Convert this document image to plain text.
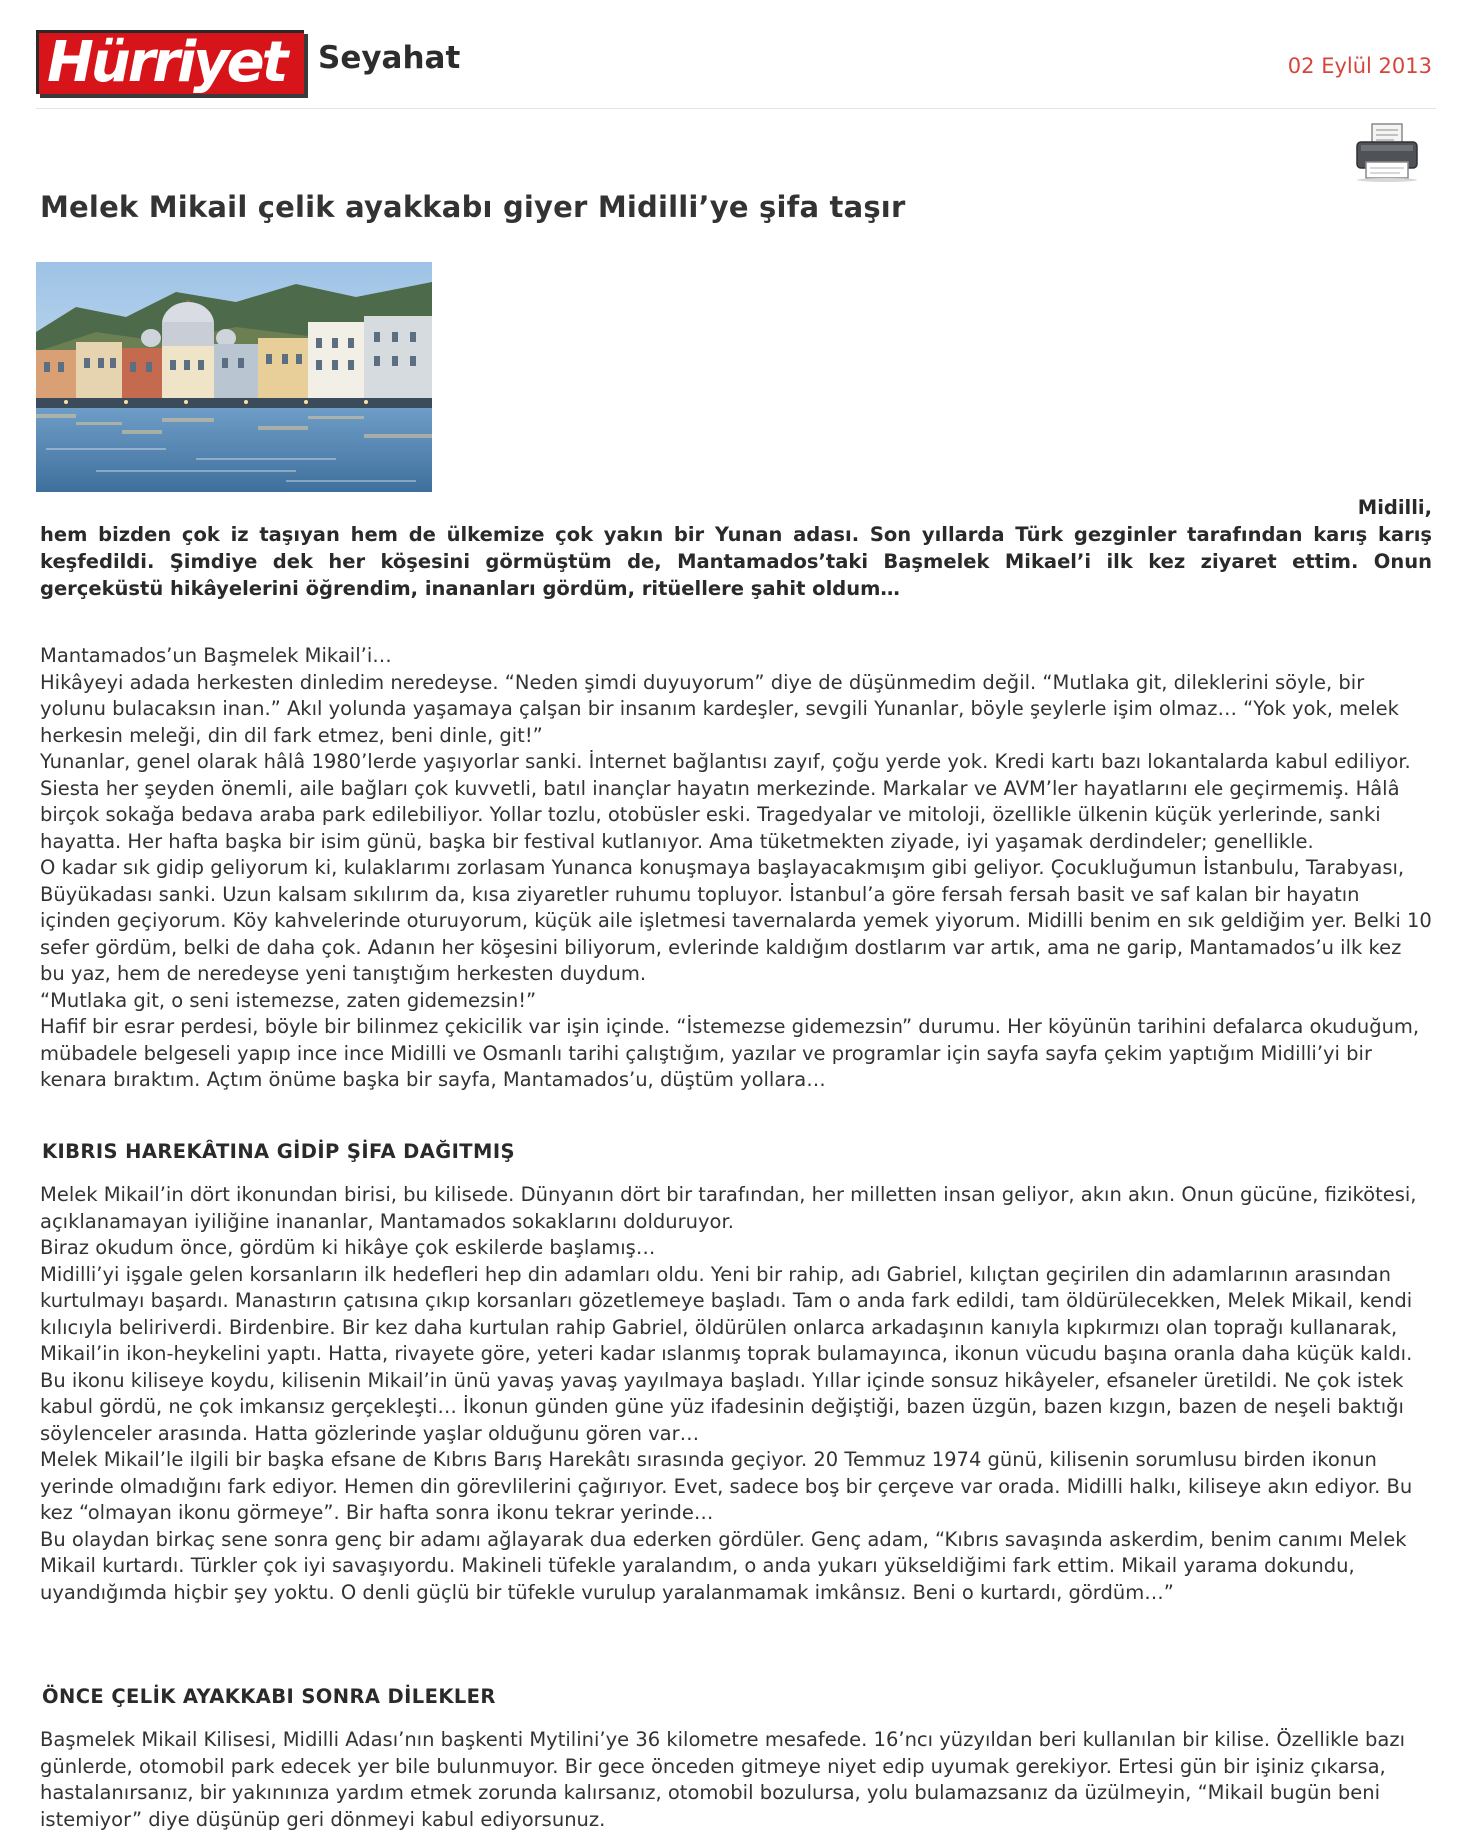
Hürriyet Seyahat	02 Eylül 2013
Melek Mikail çelik ayakkabı giyer Midilli’ye şifa taşır
Midilli,
hem bizden çok iz taşıyan hem de ülkemize çok yakın bir Yunan adası. Son yıllarda Türk gezginler tarafından karış karış keşfedildi. Şimdiye dek her köşesini görmüştüm de, Mantamados’taki Başmelek Mikael’i ilk kez ziyaret ettim. Onun gerçeküstü hikâyelerini öğrendim, inananları gördüm, ritüellere şahit oldum…

Mantamados’un Başmelek Mikail’i…

Hikâyeyi adada herkesten dinledim neredeyse. “Neden şimdi duyuyorum” diye de düşünmedim değil. “Mutlaka git, dileklerini söyle, bir yolunu bulacaksın inan.” Akıl yolunda yaşamaya çalşan bir insanım kardeşler, sevgili Yunanlar, böyle şeylerle işim olmaz… “Yok yok, melek herkesin meleği, din dil fark etmez, beni dinle, git!”

Yunanlar, genel olarak hâlâ 1980’lerde yaşıyorlar sanki. İnternet bağlantısı zayıf, çoğu yerde yok. Kredi kartı bazı lokantalarda kabul ediliyor. Siesta her şeyden önemli, aile bağları çok kuvvetli, batıl inançlar hayatın merkezinde. Markalar ve AVM’ler hayatlarını ele geçirmemiş. Hâlâ birçok sokağa bedava araba park edilebiliyor. Yollar tozlu, otobüsler eski. Tragedyalar ve mitoloji, özellikle ülkenin küçük yerlerinde, sanki hayatta. Her hafta başka bir isim günü, başka bir festival kutlanıyor. Ama tüketmekten ziyade, iyi yaşamak derdindeler; genellikle.

O kadar sık gidip geliyorum ki, kulaklarımı zorlasam Yunanca konuşmaya başlayacakmışım gibi geliyor. Çocukluğumun İstanbulu, Tarabyası, Büyükadası sanki. Uzun kalsam sıkılırım da, kısa ziyaretler ruhumu topluyor. İstanbul’a göre fersah fersah basit ve saf kalan bir hayatın içinden geçiyorum. Köy kahvelerinde oturuyorum, küçük aile işletmesi tavernalarda yemek yiyorum. Midilli benim en sık geldiğim yer. Belki 10 sefer gördüm, belki de daha çok. Adanın her köşesini biliyorum, evlerinde kaldığım dostlarım var artık, ama ne garip, Mantamados’u ilk kez bu yaz, hem de neredeyse yeni tanıştığım herkesten duydum.

“Mutlaka git, o seni istemezse, zaten gidemezsin!”

Hafif bir esrar perdesi, böyle bir bilinmez çekicilik var işin içinde. “İstemezse gidemezsin” durumu. Her köyünün tarihini defalarca okuduğum, mübadele belgeseli yapıp ince ince Midilli ve Osmanlı tarihi çalıştığım, yazılar ve programlar için sayfa sayfa çekim yaptığım Midilli’yi bir kenara bıraktım. Açtım önüme başka bir sayfa, Mantamados’u, düştüm yollara…

KIBRIS HAREKÂTINA GİDİP ŞİFA DAĞITMIŞ

Melek Mikail’in dört ikonundan birisi, bu kilisede. Dünyanın dört bir tarafından, her milletten insan geliyor, akın akın. Onun gücüne, fizikötesi, açıklanamayan iyiliğine inananlar, Mantamados sokaklarını dolduruyor.

Biraz okudum önce, gördüm ki hikâye çok eskilerde başlamış…

Midilli’yi işgale gelen korsanların ilk hedefleri hep din adamları oldu. Yeni bir rahip, adı Gabriel, kılıçtan geçirilen din adamlarının arasından kurtulmayı başardı. Manastırın çatısına çıkıp korsanları gözetlemeye başladı. Tam o anda fark edildi, tam öldürülecekken, Melek Mikail, kendi kılıcıyla beliriverdi. Birdenbire. Bir kez daha kurtulan rahip Gabriel, öldürülen onlarca arkadaşının kanıyla kıpkırmızı olan toprağı kullanarak, Mikail’in ikon-heykelini yaptı. Hatta, rivayete göre, yeteri kadar ıslanmış toprak bulamayınca, ikonun vücudu başına oranla daha küçük kaldı.

Bu ikonu kiliseye koydu, kilisenin Mikail’in ünü yavaş yavaş yayılmaya başladı. Yıllar içinde sonsuz hikâyeler, efsaneler üretildi. Ne çok istek kabul gördü, ne çok imkansız gerçekleşti… İkonun günden güne yüz ifadesinin değiştiği, bazen üzgün, bazen kızgın, bazen de neşeli baktığı söylenceler arasında. Hatta gözlerinde yaşlar olduğunu gören var…

Melek Mikail’le ilgili bir başka efsane de Kıbrıs Barış Harekâtı sırasında geçiyor. 20 Temmuz 1974 günü, kilisenin sorumlusu birden ikonun yerinde olmadığını fark ediyor. Hemen din görevlilerini çağırıyor. Evet, sadece boş bir çerçeve var orada. Midilli halkı, kiliseye akın ediyor. Bu kez “olmayan ikonu görmeye”. Bir hafta sonra ikonu tekrar yerinde…

Bu olaydan birkaç sene sonra genç bir adamı ağlayarak dua ederken gördüler. Genç adam, “Kıbrıs savaşında askerdim, benim canımı Melek Mikail kurtardı. Türkler çok iyi savaşıyordu. Makineli tüfekle yaralandım, o anda yukarı yükseldiğimi fark ettim. Mikail yarama dokundu, uyandığımda hiçbir şey yoktu. O denli güçlü bir tüfekle vurulup yaralanmamak imkânsız. Beni o kurtardı, gördüm…”

ÖNCE ÇELİK AYAKKABI SONRA DİLEKLER

Başmelek Mikail Kilisesi, Midilli Adası’nın başkenti Mytilini’ye 36 kilometre mesafede. 16’ncı yüzyıldan beri kullanılan bir kilise. Özellikle bazı günlerde, otomobil park edecek yer bile bulunmuyor. Bir gece önceden gitmeye niyet edip uyumak gerekiyor. Ertesi gün bir işiniz çıkarsa, hastalanırsanız, bir yakınınıza yardım etmek zorunda kalırsanız, otomobil bozulursa, yolu bulamazsanız da üzülmeyin, “Mikail bugün beni istemiyor” diye düşünüp geri dönmeyi kabul ediyorsunuz.
